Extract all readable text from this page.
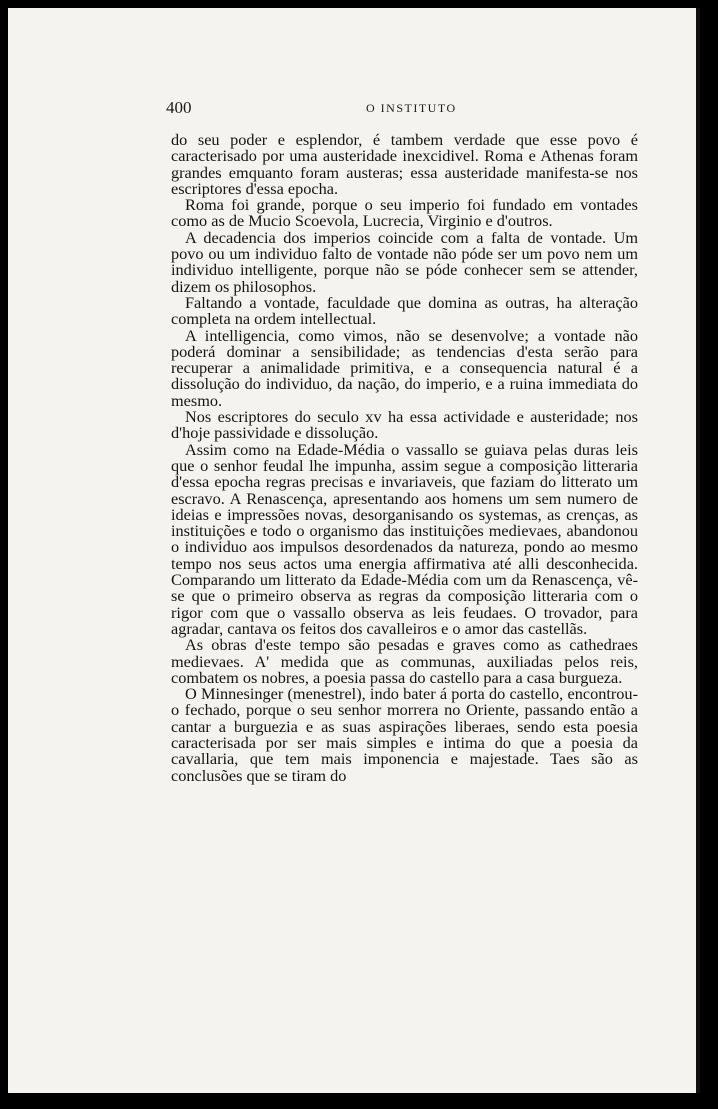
400	O INSTITUTO

do seu poder e esplendor, é tambem verdade que esse povo é caracterisado por uma austeridade inexcidivel. Roma e Athenas foram grandes emquanto foram austeras; essa austeridade manifesta-se nos escriptores d'essa epocha.

Roma foi grande, porque o seu imperio foi fundado em vontades como as de Mucio Scoevola, Lucrecia, Virginio e d'outros.

A decadencia dos imperios coincide com a falta de vontade. Um povo ou um individuo falto de vontade não póde ser um povo nem um individuo intelligente, porque não se póde conhecer sem se attender, dizem os philosophos.

Faltando a vontade, faculdade que domina as outras, ha alteração completa na ordem intellectual.

A intelligencia, como vimos, não se desenvolve; a vontade não poderá dominar a sensibilidade; as tendencias d'esta serão para recuperar a animalidade primitiva, e a consequencia natural é a dissolução do individuo, da nação, do imperio, e a ruina immediata do mesmo.

Nos escriptores do seculo xv ha essa actividade e austeridade; nos d'hoje passividade e dissolução.

Assim como na Edade-Média o vassallo se guiava pelas duras leis que o senhor feudal lhe impunha, assim segue a composição litteraria d'essa epocha regras precisas e invariaveis, que faziam do litterato um escravo. A Renascença, apresentando aos homens um sem numero de ideias e impressões novas, desorganisando os systemas, as crenças, as instituições e todo o organismo das instituições medievaes, abandonou o individuo aos impulsos desordenados da natureza, pondo ao mesmo tempo nos seus actos uma energia affirmativa até alli desconhecida. Comparando um litterato da Edade-Média com um da Renascença, vê-se que o primeiro observa as regras da composição litteraria com o rigor com que o vassallo observa as leis feudaes. O trovador, para agradar, cantava os feitos dos cavalleiros e o amor das castellãs.

As obras d'este tempo são pesadas e graves como as cathedraes medievaes. A' medida que as communas, auxiliadas pelos reis, combatem os nobres, a poesia passa do castello para a casa burgueza.

O Minnesinger (menestrel), indo bater á porta do castello, encontrou-o fechado, porque o seu senhor morrera no Oriente, passando então a cantar a burguezia e as suas aspirações liberaes, sendo esta poesia caracterisada por ser mais simples e intima do que a poesia da cavallaria, que tem mais imponencia e majestade. Taes são as conclusões que se tiram do
